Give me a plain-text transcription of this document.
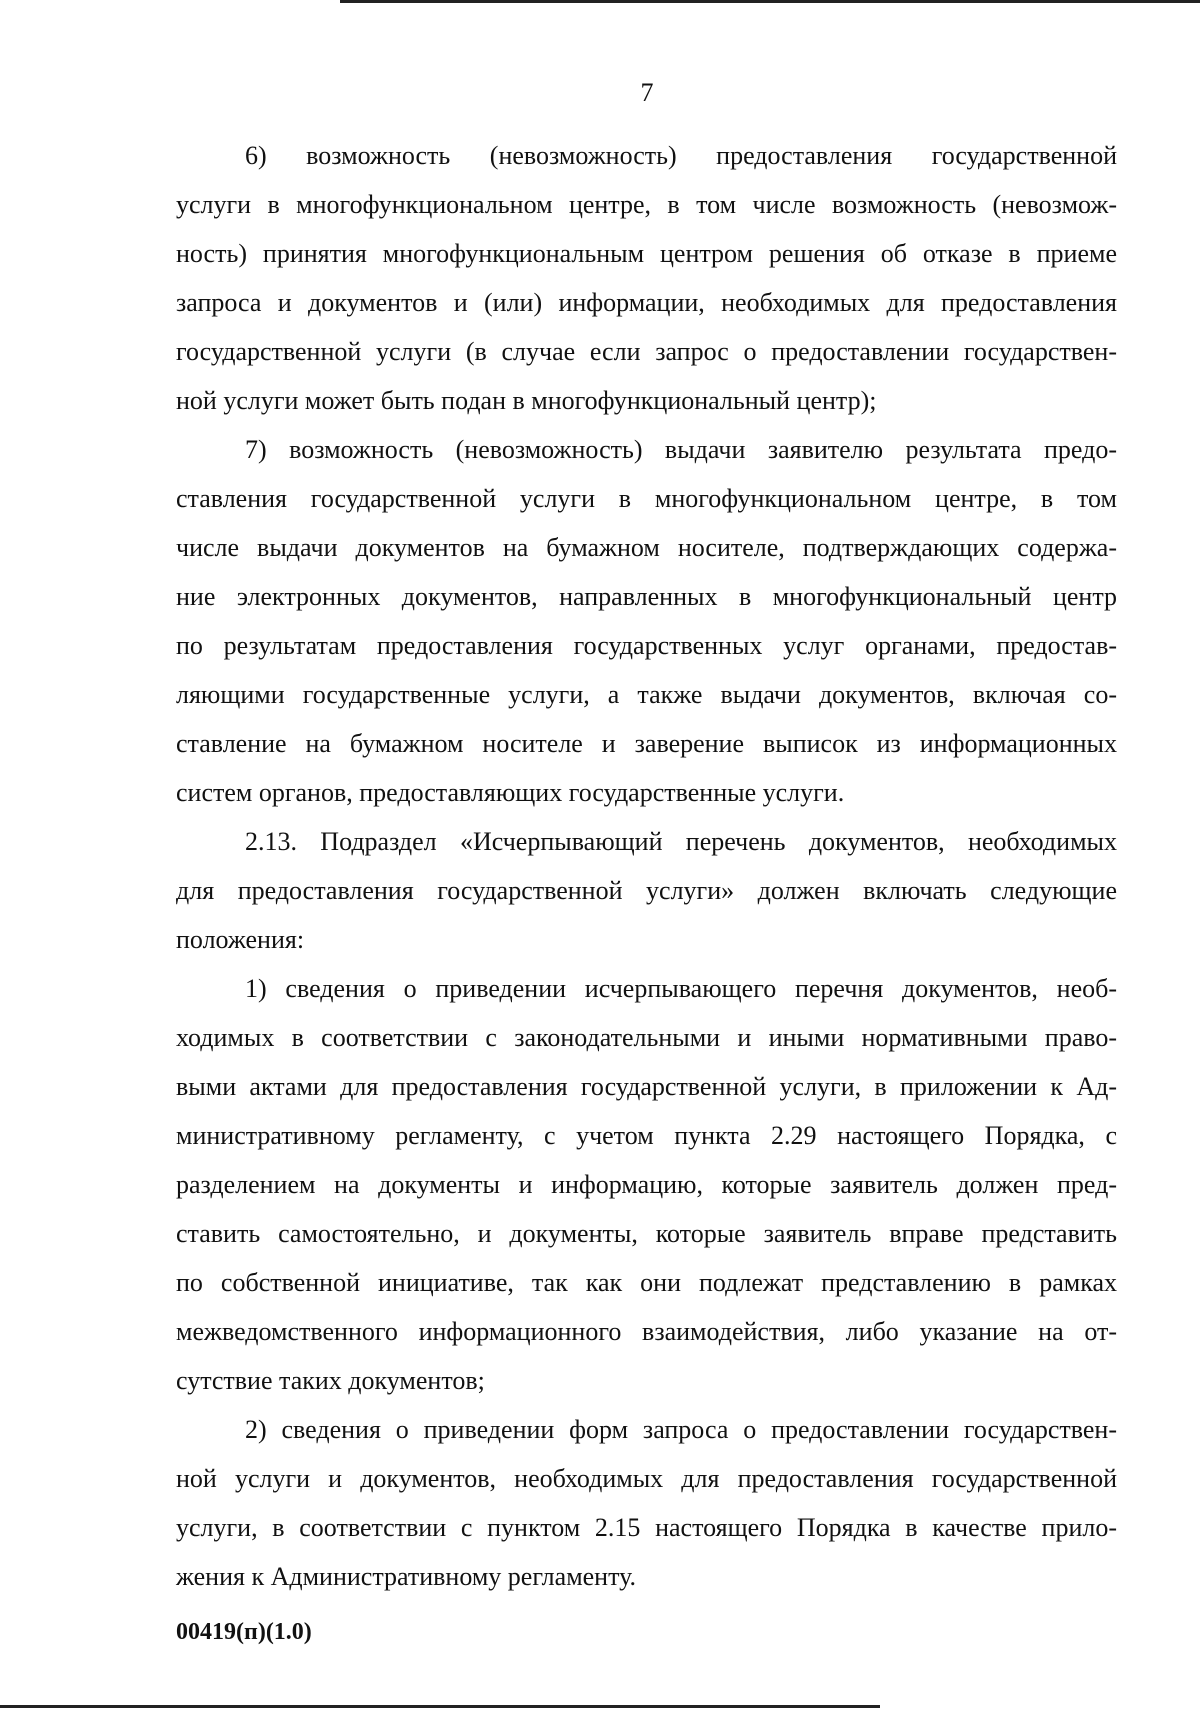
7
6) возможность (невозможность) предоставления государственной
услуги в многофункциональном центре, в том числе возможность (невозмож-
ность) принятия многофункциональным центром решения об отказе в приеме
запроса и документов и (или) информации, необходимых для предоставления
государственной услуги (в случае если запрос о предоставлении государствен-
ной услуги может быть подан в многофункциональный центр);
7) возможность (невозможность) выдачи заявителю результата предо-
ставления государственной услуги в многофункциональном центре, в том
числе выдачи документов на бумажном носителе, подтверждающих содержа-
ние электронных документов, направленных в многофункциональный центр
по результатам предоставления государственных услуг органами, предостав-
ляющими государственные услуги, а также выдачи документов, включая со-
ставление на бумажном носителе и заверение выписок из информационных
систем органов, предоставляющих государственные услуги.
2.13. Подраздел «Исчерпывающий перечень документов, необходимых
для предоставления государственной услуги» должен включать следующие
положения:
1) сведения о приведении исчерпывающего перечня документов, необ-
ходимых в соответствии с законодательными и иными нормативными право-
выми актами для предоставления государственной услуги, в приложении к Ад-
министративному регламенту, с учетом пункта 2.29 настоящего Порядка, с
разделением на документы и информацию, которые заявитель должен пред-
ставить самостоятельно, и документы, которые заявитель вправе представить
по собственной инициативе, так как они подлежат представлению в рамках
межведомственного информационного взаимодействия, либо указание на от-
сутствие таких документов;
2) сведения о приведении форм запроса о предоставлении государствен-
ной услуги и документов, необходимых для предоставления государственной
услуги, в соответствии с пунктом 2.15 настоящего Порядка в качестве прило-
жения к Административному регламенту.
00419(п)(1.0)
